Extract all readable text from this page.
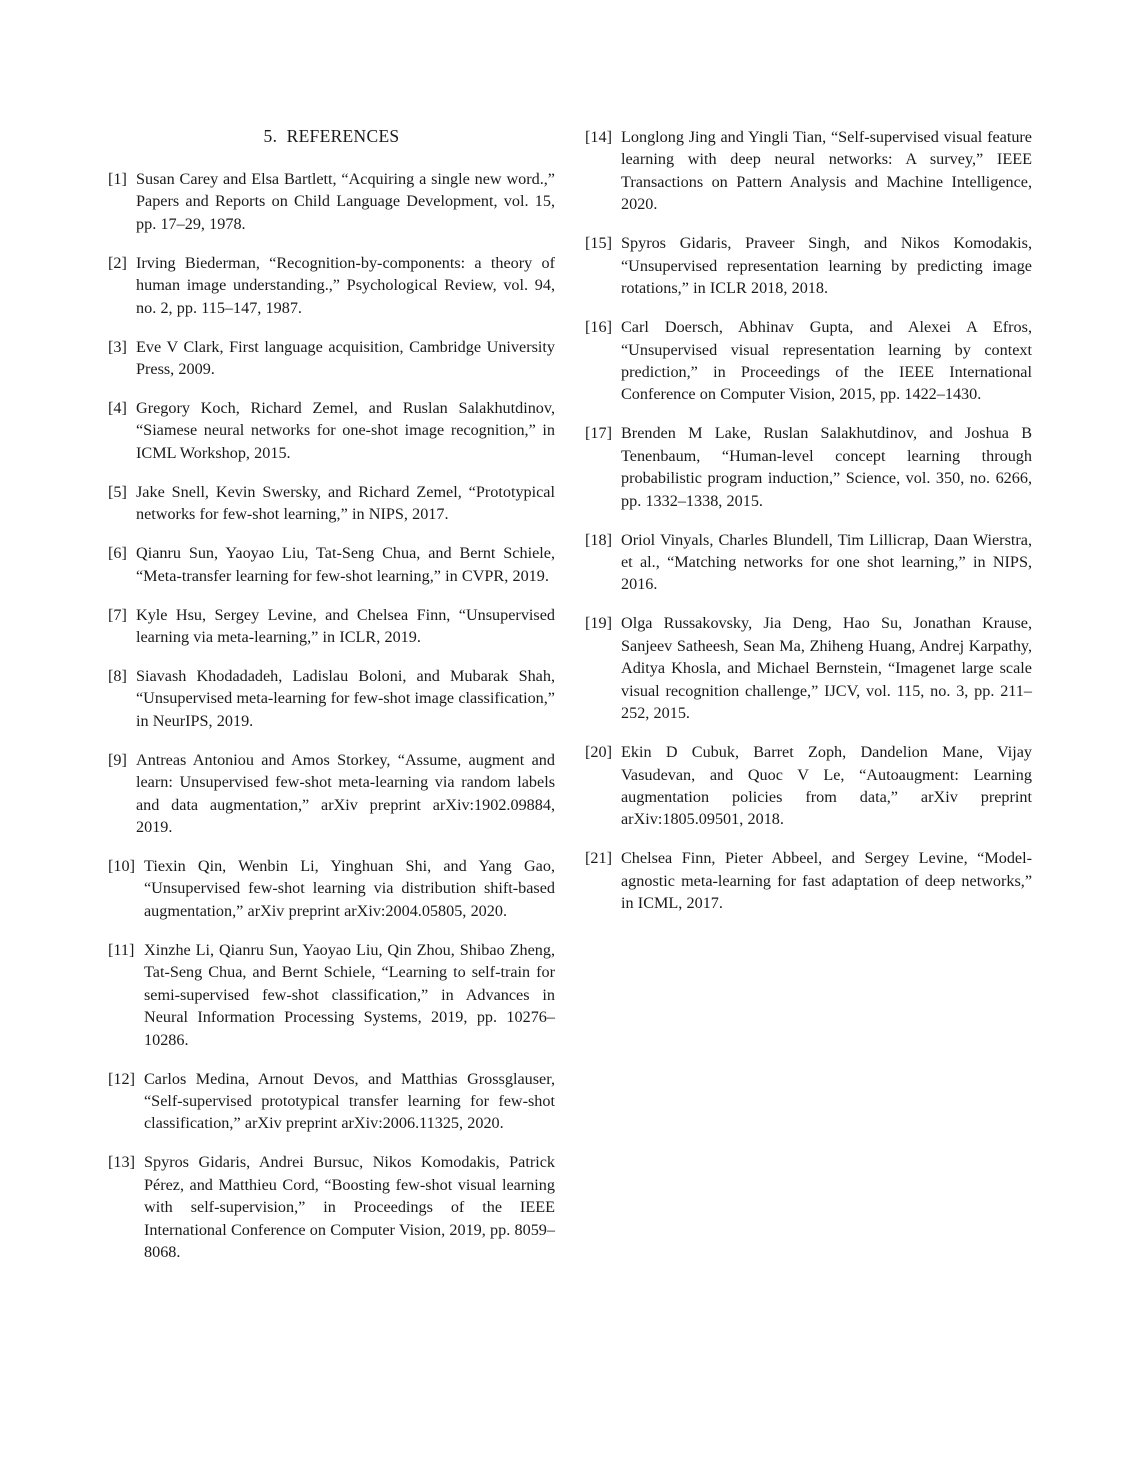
5.  REFERENCES
[1] Susan Carey and Elsa Bartlett, “Acquiring a single new word.,” Papers and Reports on Child Language Development, vol. 15, pp. 17–29, 1978.
[2] Irving Biederman, “Recognition-by-components: a theory of human image understanding.,” Psychological Review, vol. 94, no. 2, pp. 115–147, 1987.
[3] Eve V Clark, First language acquisition, Cambridge University Press, 2009.
[4] Gregory Koch, Richard Zemel, and Ruslan Salakhutdinov, “Siamese neural networks for one-shot image recognition,” in ICML Workshop, 2015.
[5] Jake Snell, Kevin Swersky, and Richard Zemel, “Prototypical networks for few-shot learning,” in NIPS, 2017.
[6] Qianru Sun, Yaoyao Liu, Tat-Seng Chua, and Bernt Schiele, “Meta-transfer learning for few-shot learning,” in CVPR, 2019.
[7] Kyle Hsu, Sergey Levine, and Chelsea Finn, “Unsupervised learning via meta-learning,” in ICLR, 2019.
[8] Siavash Khodadadeh, Ladislau Boloni, and Mubarak Shah, “Unsupervised meta-learning for few-shot image classification,” in NeurIPS, 2019.
[9] Antreas Antoniou and Amos Storkey, “Assume, augment and learn: Unsupervised few-shot meta-learning via random labels and data augmentation,” arXiv preprint arXiv:1902.09884, 2019.
[10] Tiexin Qin, Wenbin Li, Yinghuan Shi, and Yang Gao, “Unsupervised few-shot learning via distribution shift-based augmentation,” arXiv preprint arXiv:2004.05805, 2020.
[11] Xinzhe Li, Qianru Sun, Yaoyao Liu, Qin Zhou, Shibao Zheng, Tat-Seng Chua, and Bernt Schiele, “Learning to self-train for semi-supervised few-shot classification,” in Advances in Neural Information Processing Systems, 2019, pp. 10276–10286.
[12] Carlos Medina, Arnout Devos, and Matthias Grossglauser, “Self-supervised prototypical transfer learning for few-shot classification,” arXiv preprint arXiv:2006.11325, 2020.
[13] Spyros Gidaris, Andrei Bursuc, Nikos Komodakis, Patrick Pérez, and Matthieu Cord, “Boosting few-shot visual learning with self-supervision,” in Proceedings of the IEEE International Conference on Computer Vision, 2019, pp. 8059–8068.
[14] Longlong Jing and Yingli Tian, “Self-supervised visual feature learning with deep neural networks: A survey,” IEEE Transactions on Pattern Analysis and Machine Intelligence, 2020.
[15] Spyros Gidaris, Praveer Singh, and Nikos Komodakis, “Unsupervised representation learning by predicting image rotations,” in ICLR 2018, 2018.
[16] Carl Doersch, Abhinav Gupta, and Alexei A Efros, “Unsupervised visual representation learning by context prediction,” in Proceedings of the IEEE International Conference on Computer Vision, 2015, pp. 1422–1430.
[17] Brenden M Lake, Ruslan Salakhutdinov, and Joshua B Tenenbaum, “Human-level concept learning through probabilistic program induction,” Science, vol. 350, no. 6266, pp. 1332–1338, 2015.
[18] Oriol Vinyals, Charles Blundell, Tim Lillicrap, Daan Wierstra, et al., “Matching networks for one shot learning,” in NIPS, 2016.
[19] Olga Russakovsky, Jia Deng, Hao Su, Jonathan Krause, Sanjeev Satheesh, Sean Ma, Zhiheng Huang, Andrej Karpathy, Aditya Khosla, and Michael Bernstein, “Imagenet large scale visual recognition challenge,” IJCV, vol. 115, no. 3, pp. 211–252, 2015.
[20] Ekin D Cubuk, Barret Zoph, Dandelion Mane, Vijay Vasudevan, and Quoc V Le, “Autoaugment: Learning augmentation policies from data,” arXiv preprint arXiv:1805.09501, 2018.
[21] Chelsea Finn, Pieter Abbeel, and Sergey Levine, “Model-agnostic meta-learning for fast adaptation of deep networks,” in ICML, 2017.
